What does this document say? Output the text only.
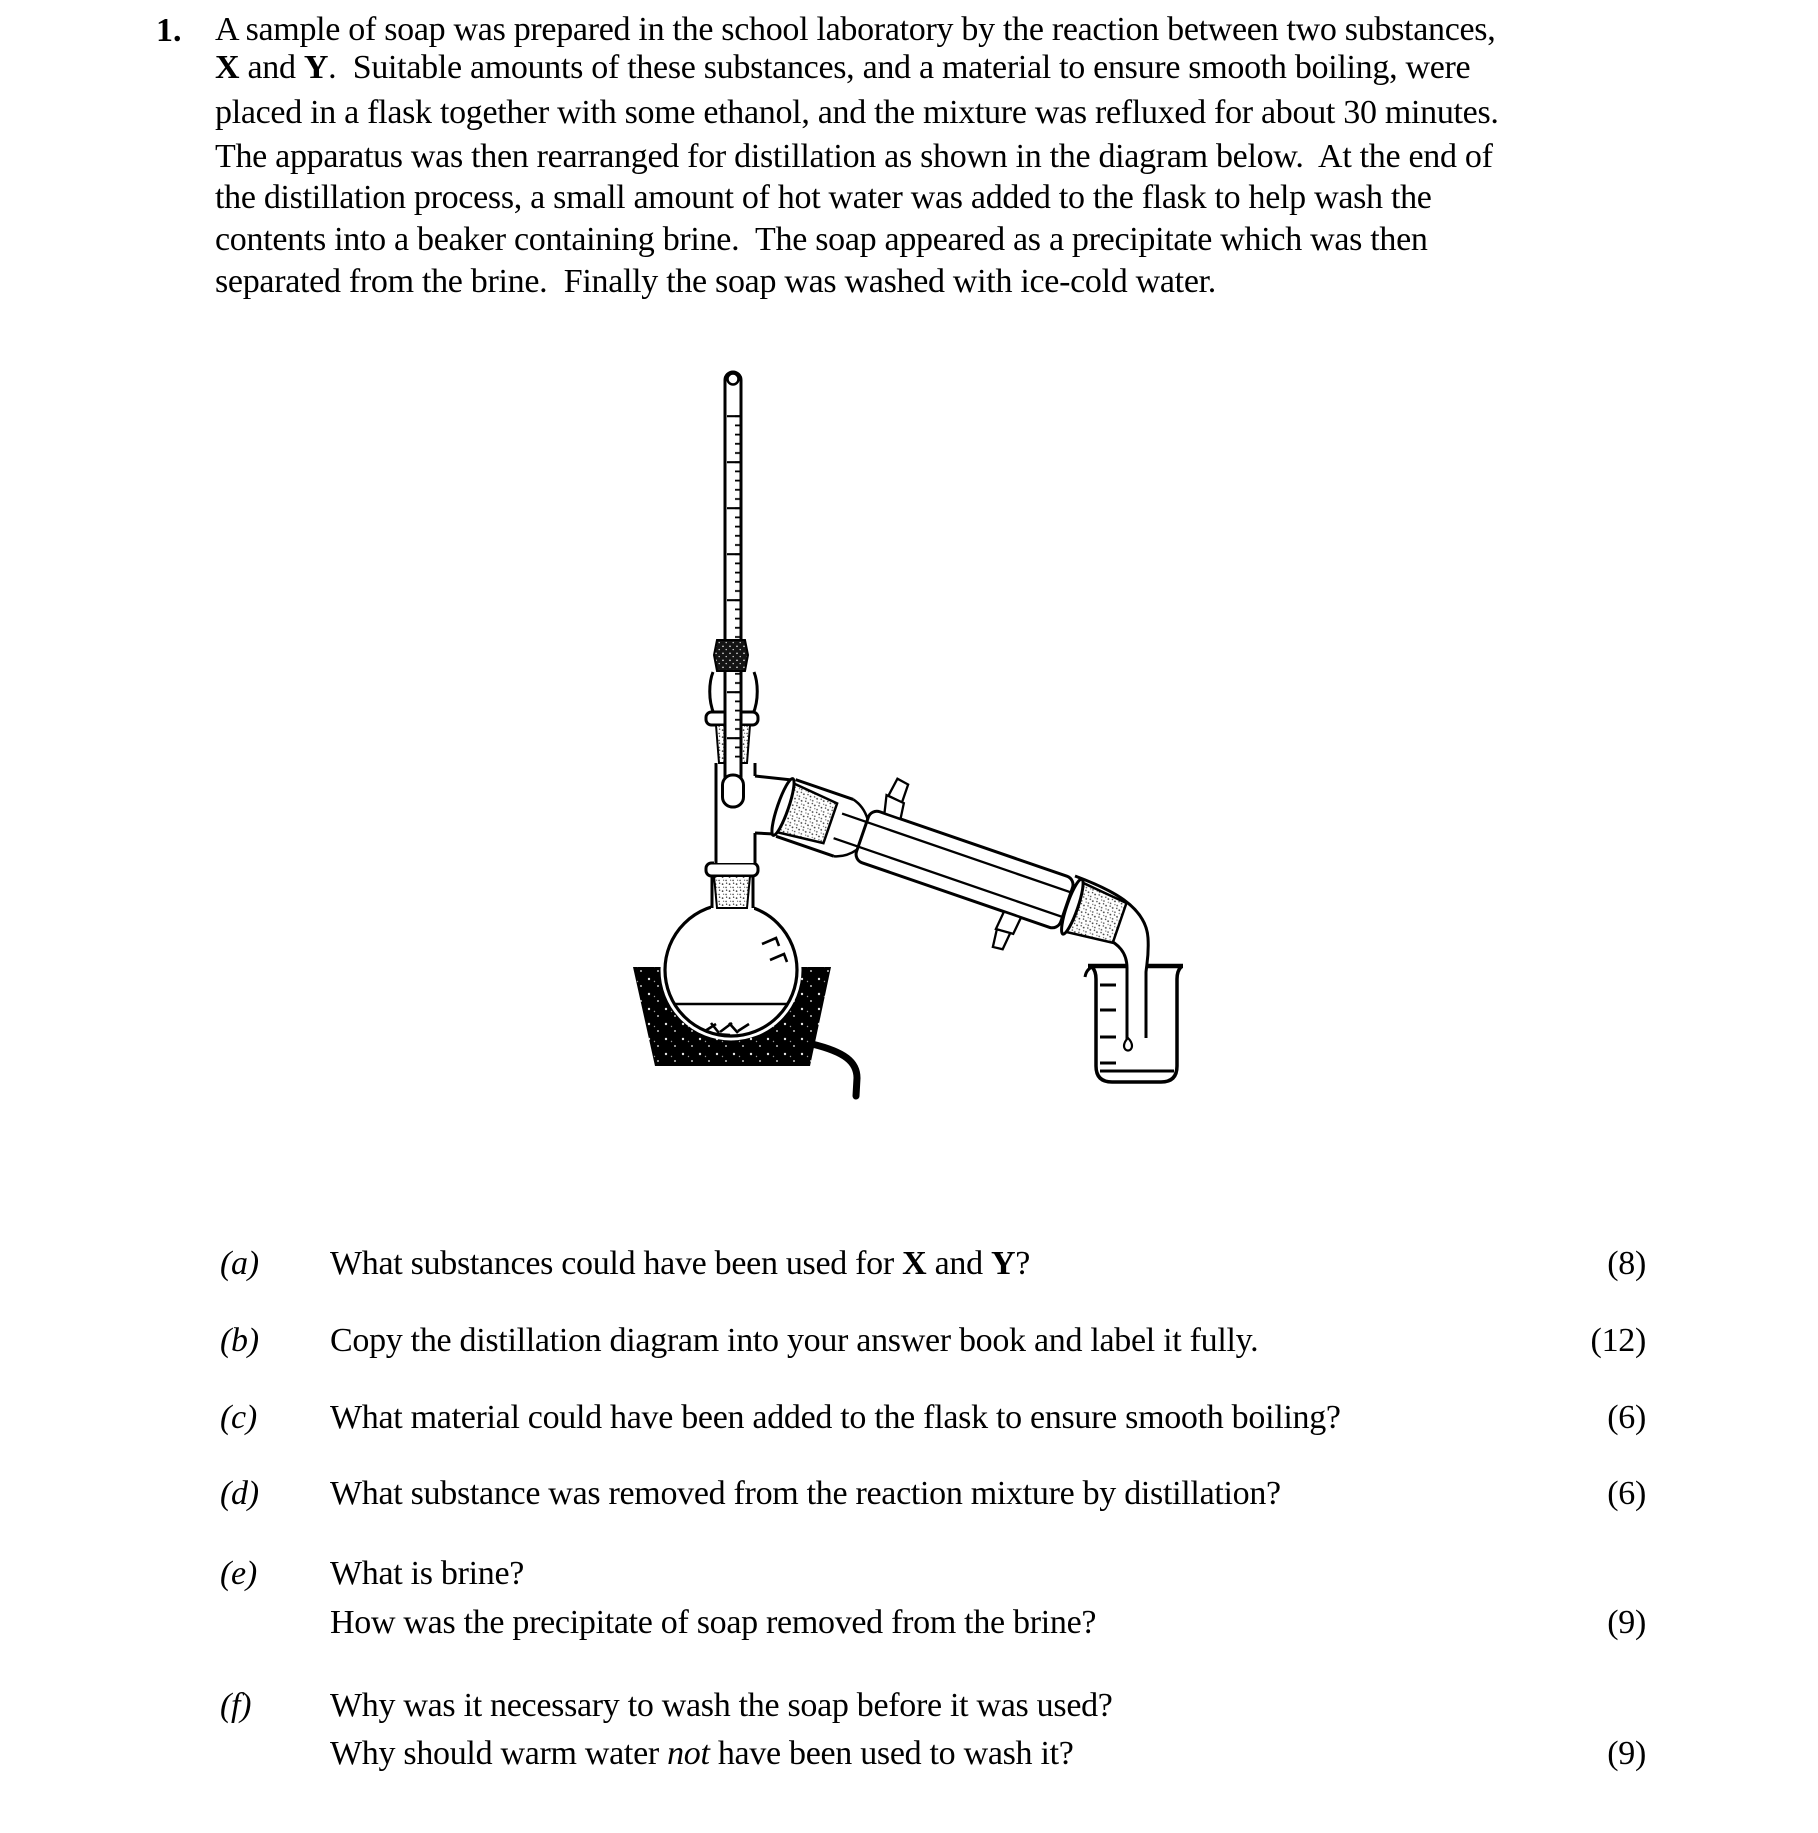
1. A sample of soap was prepared in the school laboratory by the reaction between two substances,
X and Y.  Suitable amounts of these substances, and a material to ensure smooth boiling, were
placed in a flask together with some ethanol, and the mixture was refluxed for about 30 minutes.
The apparatus was then rearranged for distillation as shown in the diagram below.  At the end of
the distillation process, a small amount of hot water was added to the flask to help wash the
contents into a beaker containing brine.  The soap appeared as a precipitate which was then
separated from the brine.  Finally the soap was washed with ice-cold water.
(a) What substances could have been used for X and Y?	(8)
(b) Copy the distillation diagram into your answer book and label it fully.	(12)
(c) What material could have been added to the flask to ensure smooth boiling?	(6)
(d) What substance was removed from the reaction mixture by distillation?	(6)
(e) What is brine?
How was the precipitate of soap removed from the brine?	(9)
(f) Why was it necessary to wash the soap before it was used?
Why should warm water not have been used to wash it?	(9)
